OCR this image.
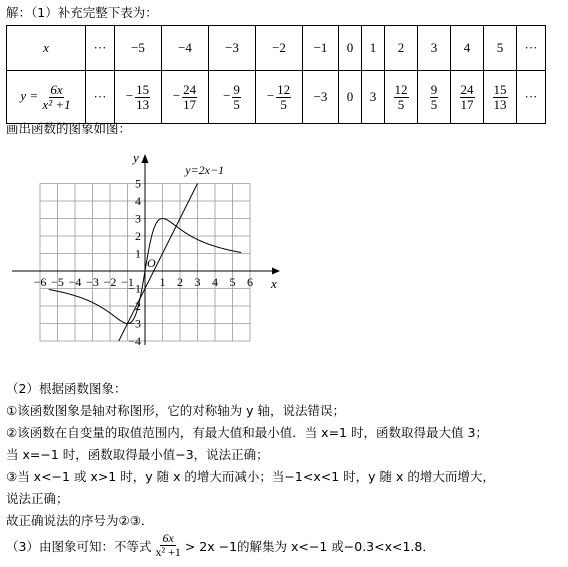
解：（1）补充完整下表为：
x	···	−5	−4	−3	−2	−1	0	1	2	3	4	5	···
$y = \frac{6x}{\text{x² +1}}$	···	− $\frac{15}{13}$	− $\frac{24}{17}$	− $\frac{9}{5}$	− $\frac{12}{5}$	−3	0	3	$\frac{12}{5}$	$\frac{9}{5}$	$\frac{24}{17}$	$\frac{15}{13}$	···
画出函数的图象如图：
x
y
O
−6 −5 −4 −3 −2 −1 1 2 3 4 5 6
5
4
3
2
1
−1
−2
−3
−4
y=2x−1
（2）根据函数图象：
①该函数图象是轴对称图形，它的对称轴为 y 轴，说法错误；
②该函数在自变量的取值范围内，有最大值和最小值．当 x=1 时，函数取得最大值 3；
当 x=−1 时，函数取得最小值−3，说法正确；
③当 x<−1 或 x>1 时，y 随 x 的增大而减小；当−1<x<1 时，y 随 x 的增大而增大，
说法正确；
故正确说法的序号为②③．
（3）由图象可知：不等式 $\frac{6x}{\text{x² +1}} > 2x -1$的解集为 x<−1 或−0.3<x<1.8．
